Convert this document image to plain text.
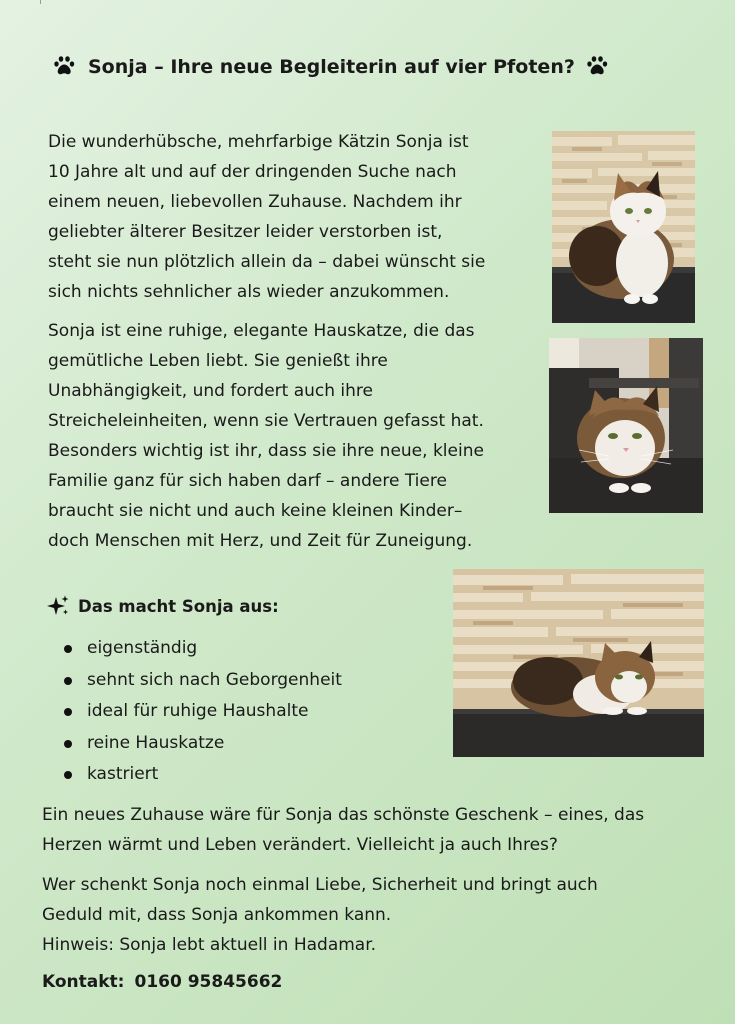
Sonja – Ihre neue Begleiterin auf vier Pfoten?
Die wunderhübsche, mehrfarbige Kätzin Sonja ist
10 Jahre alt und auf der dringenden Suche nach
einem neuen, liebevollen Zuhause. Nachdem ihr
geliebter älterer Besitzer leider verstorben ist,
steht sie nun plötzlich allein da – dabei wünscht sie
sich nichts sehnlicher als wieder anzukommen.
Sonja ist eine ruhige, elegante Hauskatze, die das
gemütliche Leben liebt. Sie genießt ihre
Unabhängigkeit, und fordert auch ihre
Streicheleinheiten, wenn sie Vertrauen gefasst hat.
Besonders wichtig ist ihr, dass sie ihre neue, kleine
Familie ganz für sich haben darf – andere Tiere
braucht sie nicht und auch keine kleinen Kinder–
doch Menschen mit Herz, und Zeit für Zuneigung.
Das macht Sonja aus:
eigenständig
sehnt sich nach Geborgenheit
ideal für ruhige Haushalte
reine Hauskatze
kastriert
Ein neues Zuhause wäre für Sonja das schönste Geschenk – eines, das
Herzen wärmt und Leben verändert. Vielleicht ja auch Ihres?
Wer schenkt Sonja noch einmal Liebe, Sicherheit und bringt auch
Geduld mit, dass Sonja ankommen kann.
Hinweis: Sonja lebt aktuell in Hadamar.
Kontakt: 0160 95845662
